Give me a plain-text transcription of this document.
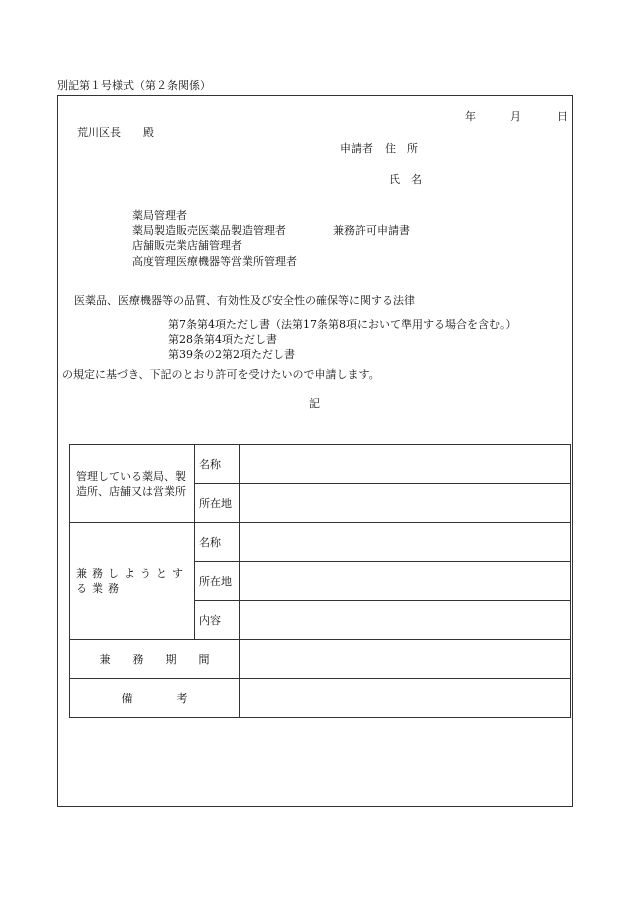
別記第１号様式（第２条関係）
年	月	日
荒川区長 殿
申請者 住　所
氏　名
薬局管理者
薬局製造販売医薬品製造管理者	兼務許可申請書
店舗販売業店舗管理者
高度管理医療機器等営業所管理者
医薬品、医療機器等の品質、有効性及び安全性の確保等に関する法律
第7条第4項ただし書（法第17条第8項において準用する場合を含む。）
第28条第4項ただし書
第39条の2第2項ただし書
の規定に基づき、下記のとおり許可を受けたいので申請します。
記
管理している薬局、製造所、店舗又は営業所	名称	
	所在地	
兼務しようとする業務	名称	
	所在地	
	内容	
兼　　務　　期　　間		
備　　　　考		
